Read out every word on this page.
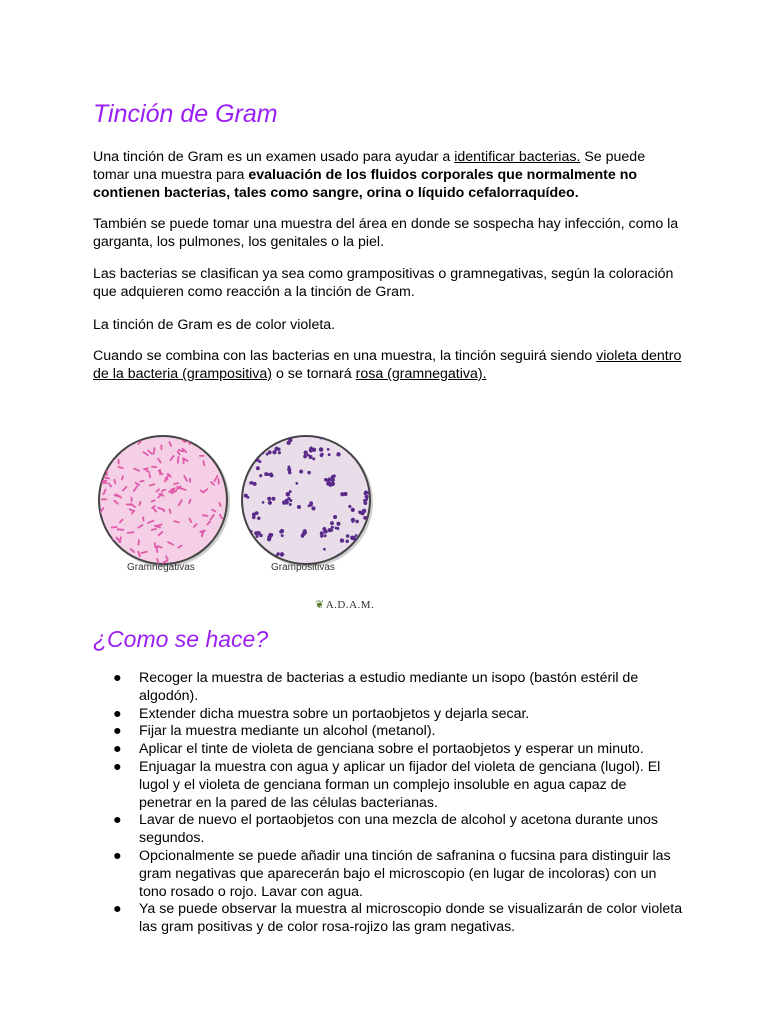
Tinción de Gram

Una tinción de Gram es un examen usado para ayudar a identificar bacterias. Se puede tomar una muestra para evaluación de los fluidos corporales que normalmente no contienen bacterias, tales como sangre, orina o líquido cefalorraquídeo.

También se puede tomar una muestra del área en donde se sospecha hay infección, como la garganta, los pulmones, los genitales o la piel.

Las bacterias se clasifican ya sea como grampositivas o gramnegativas, según la coloración que adquieren como reacción a la tinción de Gram.

La tinción de Gram es de color violeta.

Cuando se combina con las bacterias en una muestra, la tinción seguirá siendo violeta dentro de la bacteria (grampositiva) o se tornará rosa (gramnegativa).

Gramnegativas	Grampositivas
❦A.D.A.M.
¿Como se hace?
● Recoger la muestra de bacterias a estudio mediante un isopo (bastón estéril de algodón).
● Extender dicha muestra sobre un portaobjetos y dejarla secar.
● Fijar la muestra mediante un alcohol (metanol).
● Aplicar el tinte de violeta de genciana sobre el portaobjetos y esperar un minuto.
● Enjuagar la muestra con agua y aplicar un fijador del violeta de genciana (lugol). El lugol y el violeta de genciana forman un complejo insoluble en agua capaz de penetrar en la pared de las células bacterianas.
● Lavar de nuevo el portaobjetos con una mezcla de alcohol y acetona durante unos segundos.
● Opcionalmente se puede añadir una tinción de safranina o fucsina para distinguir las gram negativas que aparecerán bajo el microscopio (en lugar de incoloras) con un tono rosado o rojo. Lavar con agua.
● Ya se puede observar la muestra al microscopio donde se visualizarán de color violeta las gram positivas y de color rosa-rojizo las gram negativas.
